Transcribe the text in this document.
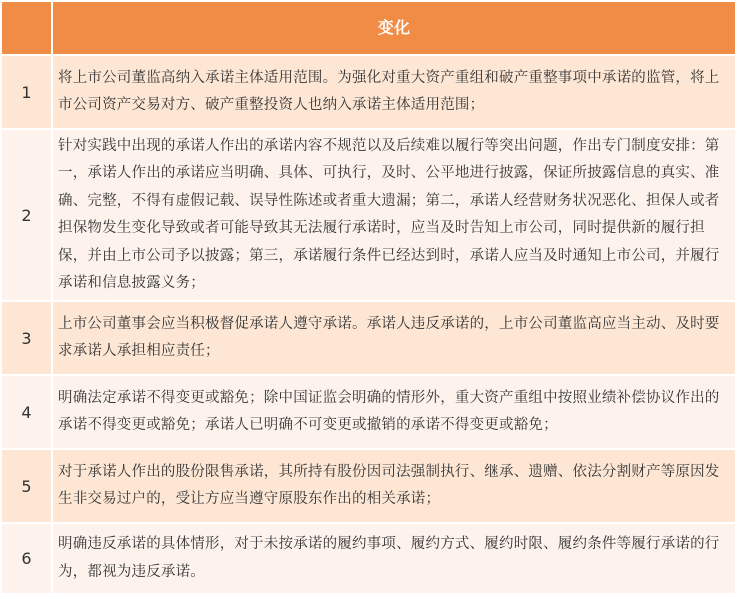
变化
1
将上市公司董监高纳入承诺主体适用范围。为强化对重大资产重组和破产重整事项中承诺的监管，将上市公司资产交易对方、破产重整投资人也纳入承诺主体适用范围；
2
针对实践中出现的承诺人作出的承诺内容不规范以及后续难以履行等突出问题，作出专门制度安排：第一，承诺人作出的承诺应当明确、具体、可执行，及时、公平地进行披露，保证所披露信息的真实、准确、完整，不得有虚假记载、误导性陈述或者重大遗漏；第二，承诺人经营财务状况恶化、担保人或者担保物发生变化导致或者可能导致其无法履行承诺时，应当及时告知上市公司，同时提供新的履行担保，并由上市公司予以披露；第三，承诺履行条件已经达到时，承诺人应当及时通知上市公司，并履行承诺和信息披露义务；
3
上市公司董事会应当积极督促承诺人遵守承诺。承诺人违反承诺的，上市公司董监高应当主动、及时要求承诺人承担相应责任；
4
明确法定承诺不得变更或豁免；除中国证监会明确的情形外，重大资产重组中按照业绩补偿协议作出的承诺不得变更或豁免；承诺人已明确不可变更或撤销的承诺不得变更或豁免；
5
对于承诺人作出的股份限售承诺，其所持有股份因司法强制执行、继承、遗赠、依法分割财产等原因发生非交易过户的，受让方应当遵守原股东作出的相关承诺；
6
明确违反承诺的具体情形，对于未按承诺的履约事项、履约方式、履约时限、履约条件等履行承诺的行为，都视为违反承诺。
